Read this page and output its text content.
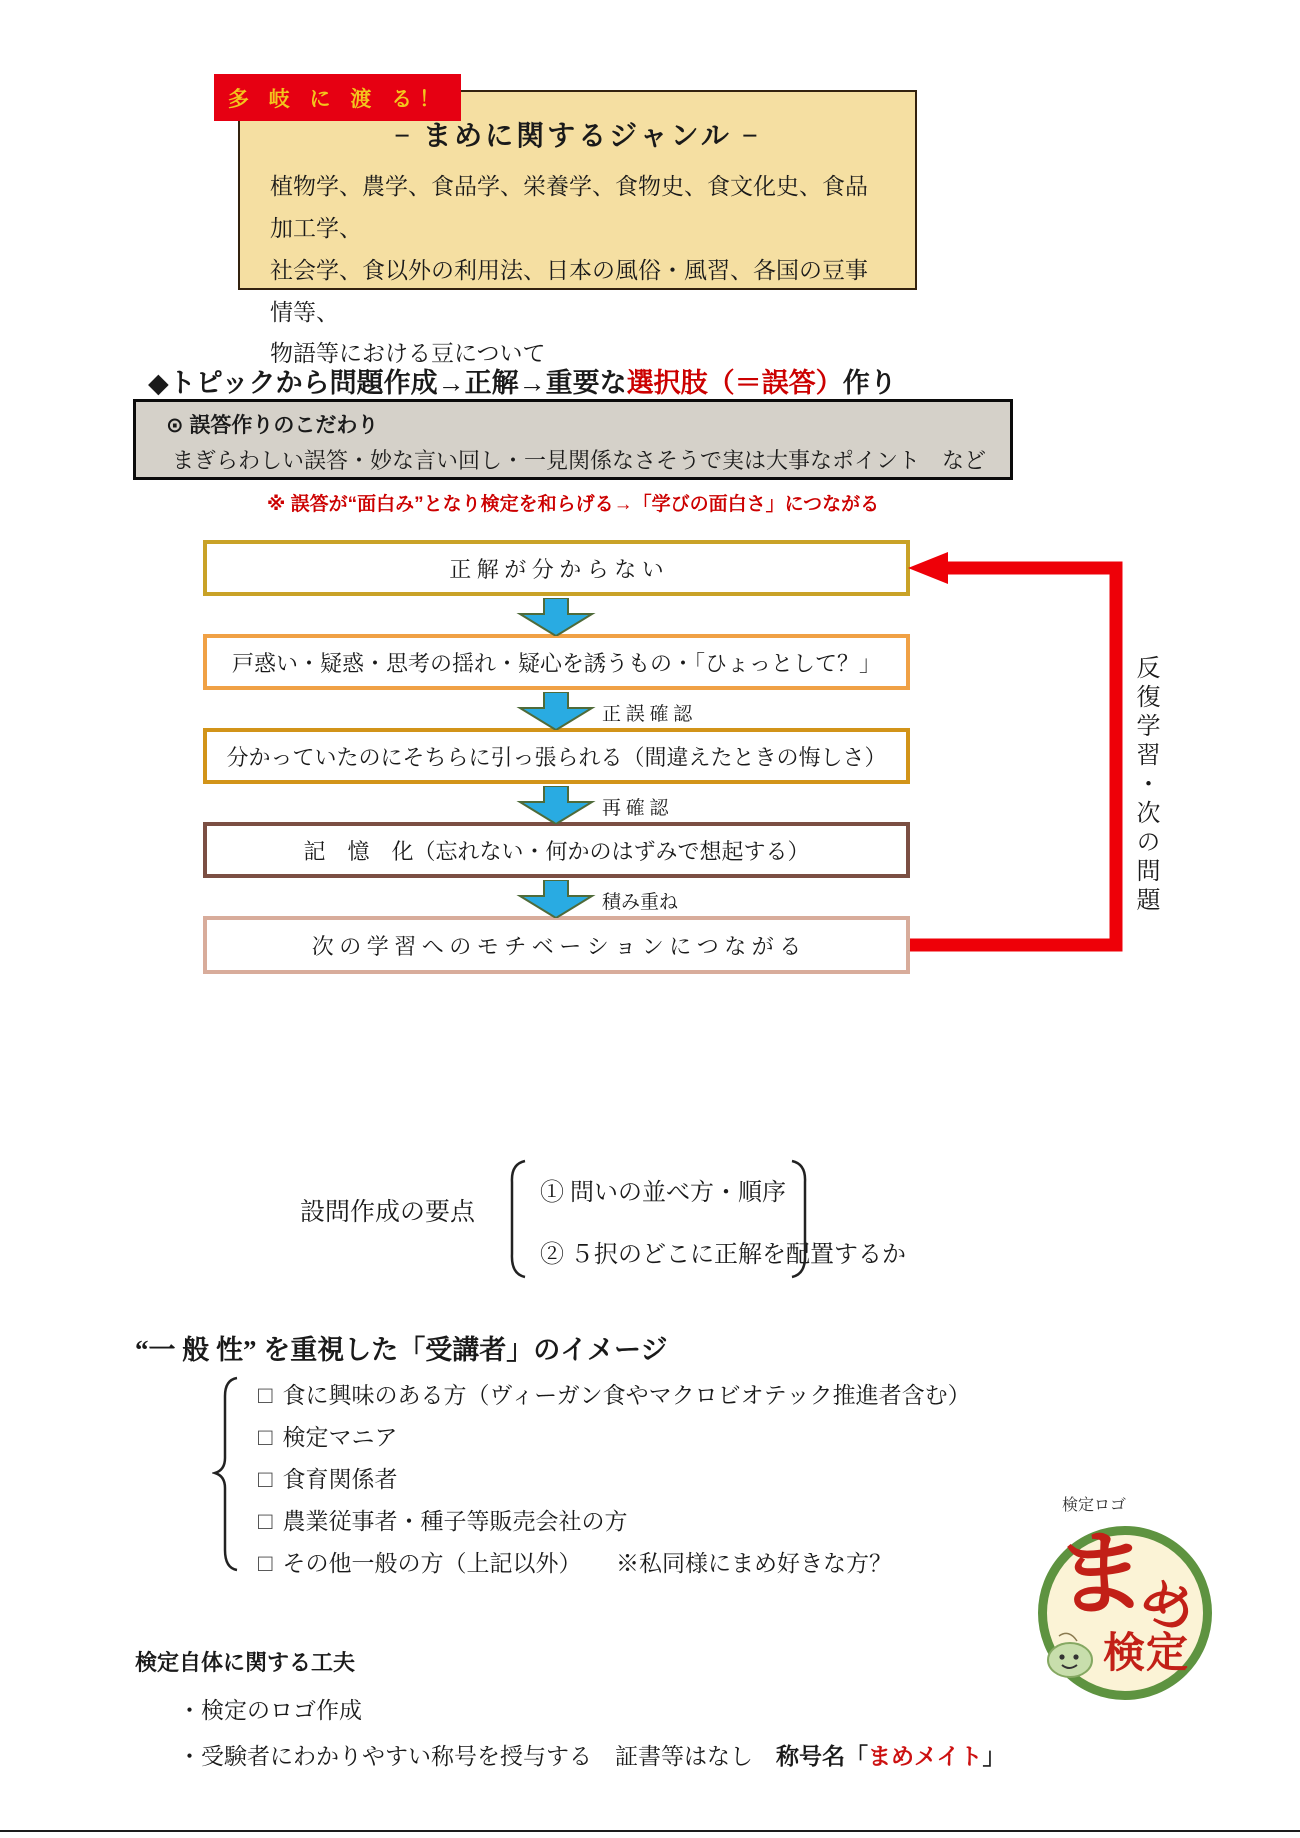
多 岐 に 渡 る！
− まめに関するジャンル −
植物学、農学、食品学、栄養学、食物史、食文化史、食品加工学、
社会学、食以外の利用法、日本の風俗・風習、各国の豆事情等、
物語等における豆について
◆トピックから問題作成→正解→重要な選択肢（＝誤答）作り
⊙ 誤答作りのこだわり
まぎらわしい誤答・妙な言い回し・一見関係なさそうで実は大事なポイント　など
※ 誤答が“面白み”となり検定を和らげる→「学びの面白さ」につながる
正 解 が 分 か ら な い
戸惑い・疑惑・思考の揺れ・疑心を誘うもの・「ひょっとして？」
分かっていたのにそちらに引っ張られる（間違えたときの悔しさ）
記　憶　化（忘れない・何かのはずみで想起する）
次 の 学 習 へ の モ チ ベ ー シ ョ ン に つ な が る
正 誤 確 認
再 確 認
積み重ね	反復学習・次の問題
設問作成の要点
① 問いの並べ方・順序
② ５択のどこに正解を配置するか
“一 般 性” を重視した「受講者」のイメージ
□ 食に興味のある方（ヴィーガン食やマクロビオテック推進者含む）
□ 検定マニア
□ 食育関係者
□ 農業従事者・種子等販売会社の方
□ その他一般の方（上記以外）　　※私同様にまめ好きな方？
検定ロゴ
ま
め
検定
検定自体に関する工夫
・検定のロゴ作成
・受験者にわかりやすい称号を授与する　証書等はなし　称号名「まめメイト」
